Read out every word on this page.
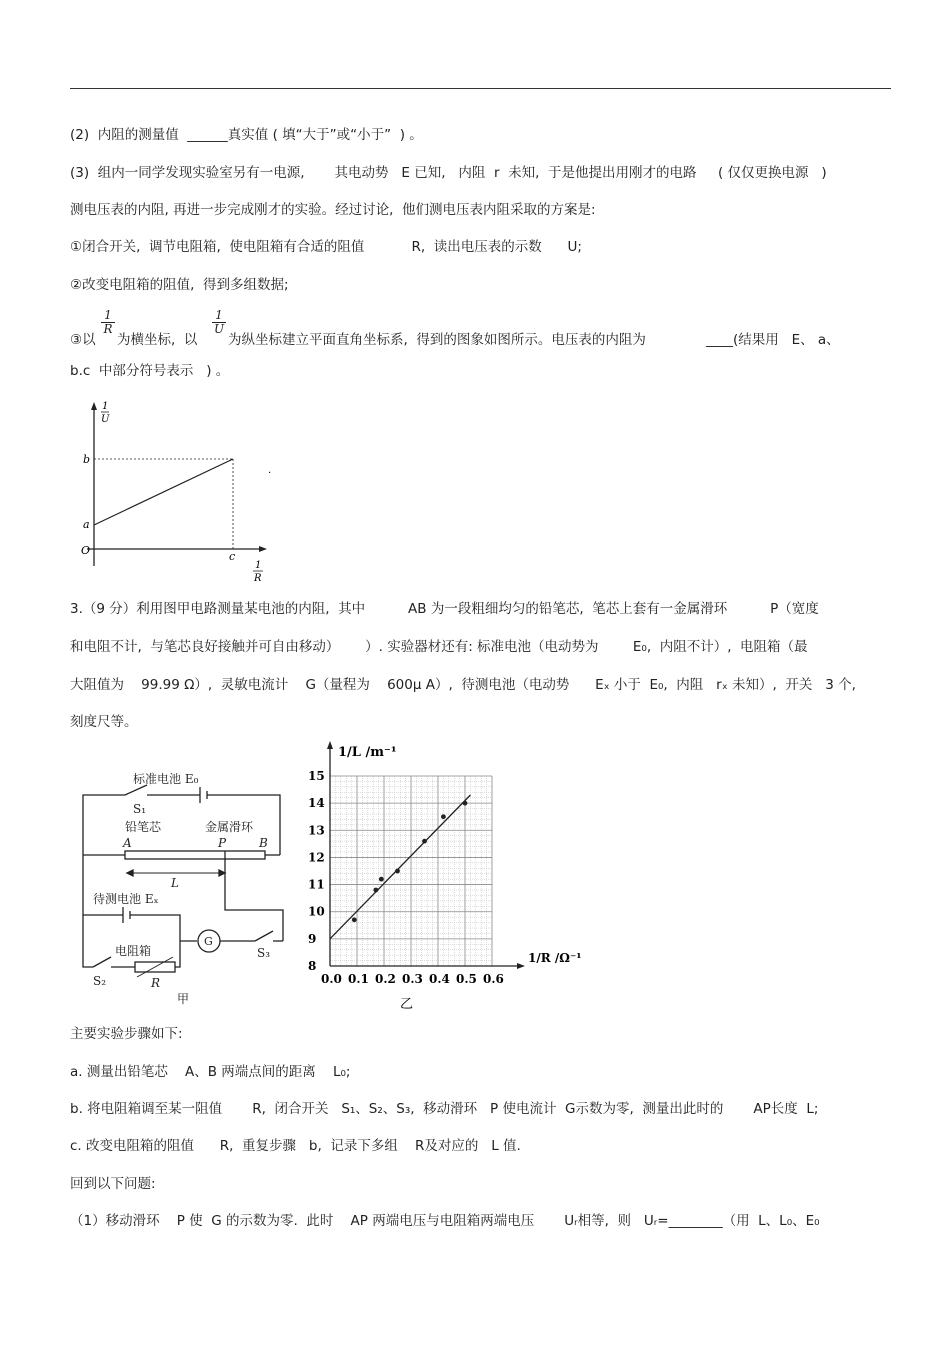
(2)  内阻的测量值  ______真实值 ( 填“大于”或“小于”  ) 。
(3)  组内一同学发现实验室另有一电源,       其电动势   E 已知,   内阻  r  未知,  于是他提出用刚才的电路     ( 仅仅更换电源   )
测电压表的内阻, 再进一步完成刚才的实验。经过讨论,  他们测电压表内阻采取的方案是:
①闭合开关,  调节电阻箱,  使电阻箱有合适的阻值           R,  读出电压表的示数      U;
②改变电阻箱的阻值,  得到多组数据;
③以
$\frac{1}{R}$
为横坐标,  以
$\frac{1}{U}$
为纵坐标建立平面直角坐标系,  得到的图象如图所示。电压表的内阻为              ____(结果用   E、 a、
b.c  中部分符号表示   ) 。
1
U
1
R
O
a
b
c
·
3.（9 分）利用图甲电路测量某电池的内阻,  其中          AB 为一段粗细均匀的铅笔芯,  笔芯上套有一金属滑环          P（宽度
和电阻不计,  与笔芯良好接触并可自由移动）      ）. 实验器材还有: 标准电池（电动势为        E₀,  内阻不计）,  电阻箱（最
大阻值为    99.99 Ω）,  灵敏电流计    G（量程为    600μ A）,  待测电池（电动势      Eₓ 小于  E₀,  内阻   rₓ 未知）,  开关   3 个,
刻度尺等。
标准电池 E₀
S₁
铅笔芯	金属滑环
A	P	B
L
待测电池 Eₓ
电阻箱
G
R
S₂
S₃
甲
0.0 0.1 0.2 0.3 0.4 0.5 0.6
8
9
10
11
12
13
14
15
1/L /m⁻¹
1/R /Ω⁻¹
乙
主要实验步骤如下:
a. 测量出铅笔芯    A、B 两端点间的距离    L₀;
b. 将电阻箱调至某一阻值       R,  闭合开关   S₁、S₂、S₃,  移动滑环   P 使电流计  G示数为零,  测量出此时的       AP长度  L;
c. 改变电阻箱的阻值      R,  重复步骤   b,  记录下多组    R及对应的   L 值.
回到以下问题:
（1）移动滑环    P 使  G 的示数为零.  此时    AP 两端电压与电阻箱两端电压       Uᵣ相等,  则   Uᵣ=________（用  L、L₀、E₀
